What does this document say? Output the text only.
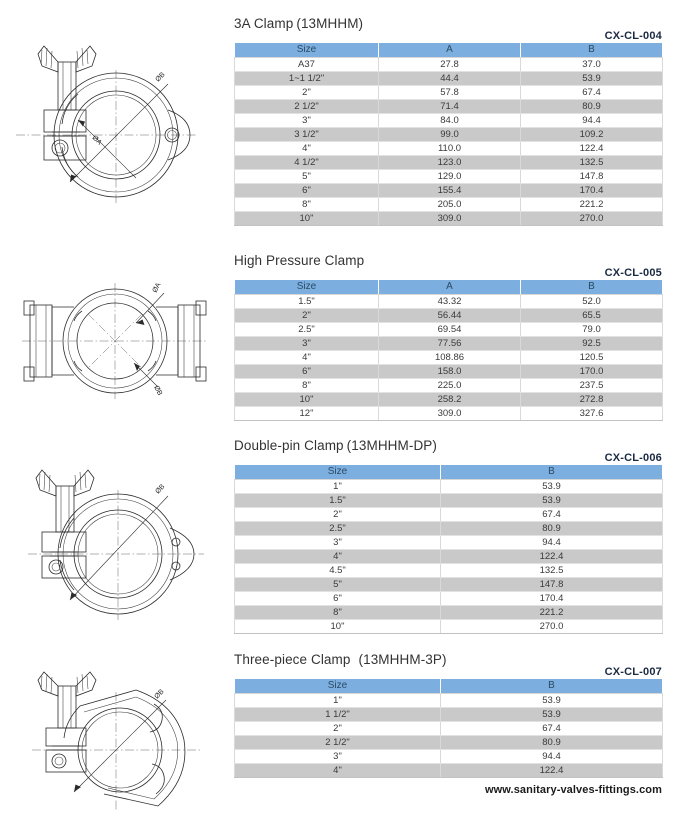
ØA
ØB
3A Clamp (13MHHM)
CX-CL-004
Size	A	B
A37	27.8	37.0
1~1 1/2"	44.4	53.9
2"	57.8	67.4
2 1/2"	71.4	80.9
3"	84.0	94.4
3 1/2"	99.0	109.2
4"	110.0	122.4
4 1/2"	123.0	132.5
5"	129.0	147.8
6"	155.4	170.4
8"	205.0	221.2
10"	309.0	270.0
ØA
ØB
High Pressure Clamp
CX-CL-005
Size	A	B
1.5"	43.32	52.0
2"	56.44	65.5
2.5"	69.54	79.0
3"	77.56	92.5
4"	108.86	120.5
6"	158.0	170.0
8"	225.0	237.5
10"	258.2	272.8
12"	309.0	327.6
ØB
Double-pin Clamp (13MHHM-DP)
CX-CL-006
Size	B
1"	53.9
1.5"	53.9
2"	67.4
2.5"	80.9
3"	94.4
4"	122.4
4.5"	132.5
5"	147.8
6"	170.4
8"	221.2
10"	270.0
ØB
Three-piece Clamp (13MHHM-3P)
CX-CL-007
Size	B
1"	53.9
1 1/2"	53.9
2"	67.4
2 1/2"	80.9
3"	94.4
4"	122.4
www.sanitary-valves-fittings.com
